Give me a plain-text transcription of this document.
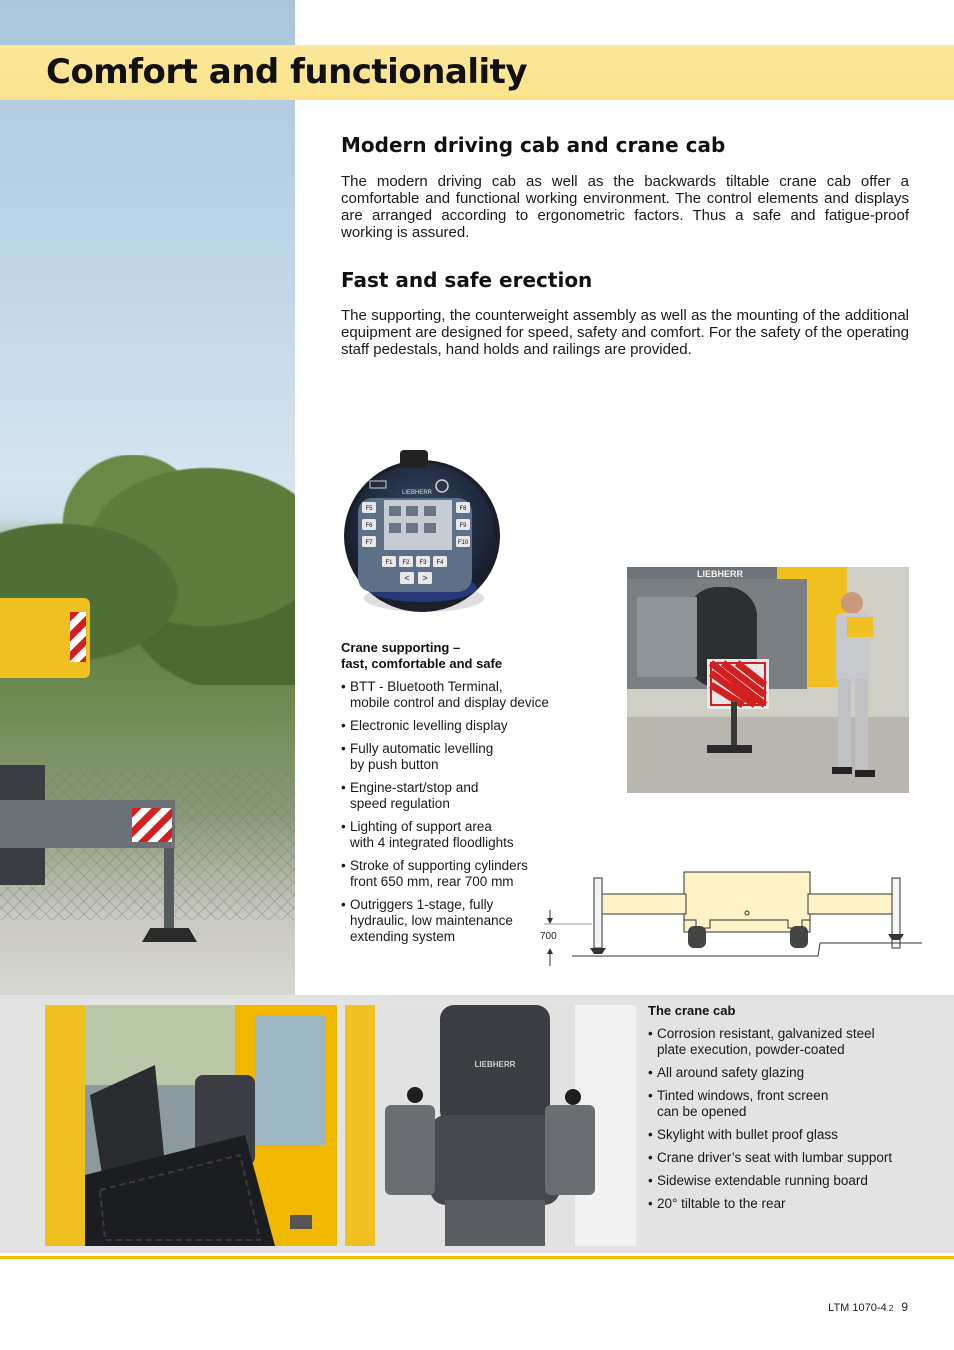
Comfort and functionality
Modern driving cab and crane cab

The modern driving cab as well as the backwards tiltable crane cab offer a comfortable and functional working environment. The control elements and displays are arranged according to ergonometric factors. Thus a safe and fatigue-proof working is assured.

Fast and safe erection

The supporting, the counterweight assembly as well as the mounting of the additional equipment are designed for speed, safety and comfort. For the safety of the operating staff pedestals, hand holds and railings are provided.

LIEBHERR
F5
F6
F7
F8
F9
F10
F1 F2 F3 F4
< >

Crane supporting –
fast, comfortable and safe

• BTT - Bluetooth Terminal,
mobile control and display device
• Electronic levelling display
• Fully automatic levelling
by push button
• Engine-start/stop and
speed regulation
• Lighting of support area
with 4 integrated floodlights
• Stroke of supporting cylinders
front 650 mm, rear 700 mm
• Outriggers 1-stage, fully
hydraulic, low maintenance
extending system
LIEBHERR
700
LIEBHERR

The crane cab

• Corrosion resistant, galvanized steel
plate execution, powder-coated
• All around safety glazing
• Tinted windows, front screen
can be opened
• Skylight with bullet proof glass
• Crane driver’s seat with lumbar support
• Sidewise extendable running board
• 20° tiltable to the rear
LTM 1070-4.2 9
